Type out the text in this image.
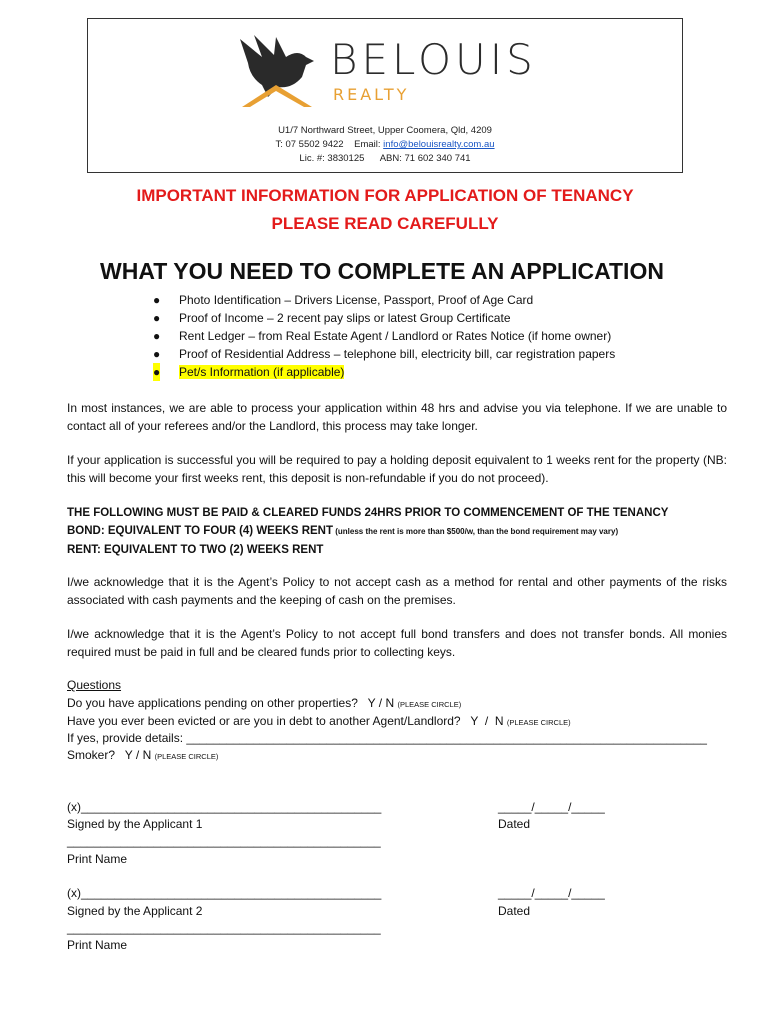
BELOUIS
REALTY
U1/7 Northward Street, Upper Coomera, Qld, 4209
T: 07 5502 9422    Email: info@belouisrealty.com.au
Lic. #: 3830125      ABN: 71 602 340 741
IMPORTANT INFORMATION FOR APPLICATION OF TENANCY
PLEASE READ CAREFULLY
WHAT YOU NEED TO COMPLETE AN APPLICATION
● Photo Identification – Drivers License, Passport, Proof of Age Card
● Proof of Income – 2 recent pay slips or latest Group Certificate
● Rent Ledger – from Real Estate Agent / Landlord or Rates Notice (if home owner)
● Proof of Residential Address – telephone bill, electricity bill, car registration papers
● Pet/s Information (if applicable)
In most instances, we are able to process your application within 48 hrs and advise you via telephone. If we are unable to contact all of your referees and/or the Landlord, this process may take longer.
If your application is successful you will be required to pay a holding deposit equivalent to 1 weeks rent for the property (NB: this will become your first weeks rent, this deposit is non-refundable if you do not proceed).
THE FOLLOWING MUST BE PAID & CLEARED FUNDS 24HRS PRIOR TO COMMENCEMENT OF THE TENANCY
BOND: EQUIVALENT TO FOUR (4) WEEKS RENT (unless the rent is more than $500/w, than the bond requirement may vary)
RENT: EQUIVALENT TO TWO (2) WEEKS RENT
I/we acknowledge that it is the Agent’s Policy to not accept cash as a method for rental and other payments of the risks associated with cash payments and the keeping of cash on the premises.
I/we acknowledge that it is the Agent’s Policy to not accept full bond transfers and does not transfer bonds. All monies required must be paid in full and be cleared funds prior to collecting keys.
Questions
Do you have applications pending on other properties?   Y / N (PLEASE CIRCLE)
Have you ever been evicted or are you in debt to another Agent/Landlord?   Y  /  N (PLEASE CIRCLE)
If yes, provide details: ______________________________________________________________________________
Smoker?   Y / N (PLEASE CIRCLE)
(x)_____________________________________________	_____/_____/_____
Signed by the Applicant 1	Dated
_______________________________________________
Print Name
(x)_____________________________________________	_____/_____/_____
Signed by the Applicant 2	Dated
_______________________________________________
Print Name
